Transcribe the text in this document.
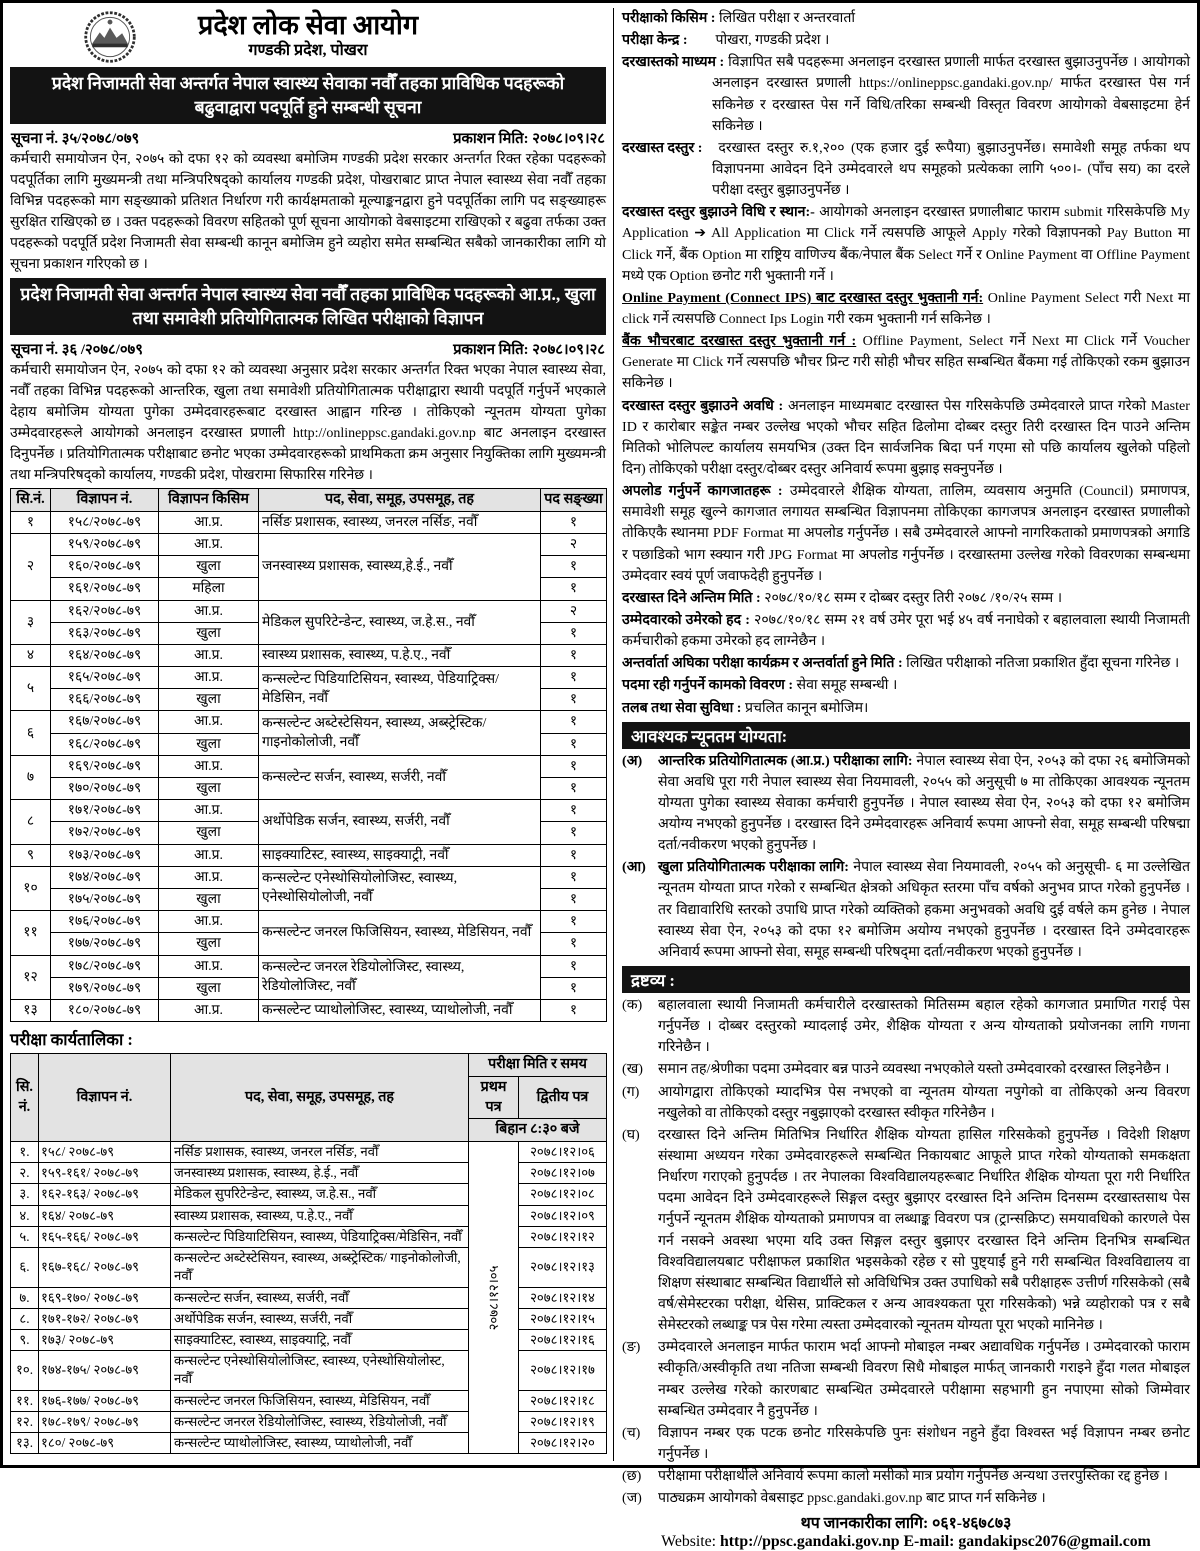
प्रदेश लोक सेवा आयोग
गण्डकी प्रदेश, पोखरा
प्रदेश निजामती सेवा अन्तर्गत नेपाल स्वास्थ्य सेवाका नवौँ तहका प्राविधिक पदहरूको बढुवाद्वारा पदपूर्ति हुने सम्बन्धी सूचना
सूचना नं. ३५/२०७८/०७९	प्रकाशन मिति: २०७८।०९।२८

कर्मचारी समायोजन ऐन, २०७५ को दफा १२ को व्यवस्था बमोजिम गण्डकी प्रदेश सरकार अन्तर्गत रिक्त रहेका पदहरूको पदपूर्तिका लागि मुख्यमन्त्री तथा मन्त्रिपरिषद्को कार्यालय गण्डकी प्रदेश, पोखराबाट प्राप्त नेपाल स्वास्थ्य सेवा नवौँ तहका विभिन्न पदहरूको माग सङ्ख्याको प्रतिशत निर्धारण गरी कार्यक्षमताको मूल्याङ्कनद्वारा हुने पदपूर्तिका लागि पद सङ्ख्याहरू सुरक्षित राखिएको छ । उक्त पदहरूको विवरण सहितको पूर्ण सूचना आयोगको वेबसाइटमा राखिएको र बढुवा तर्फका उक्त पदहरूको पदपूर्ति प्रदेश निजामती सेवा सम्बन्धी कानून बमोजिम हुने व्यहोरा समेत सम्बन्धित सबैको जानकारीका लागि यो सूचना प्रकाशन गरिएको छ ।

प्रदेश निजामती सेवा अन्तर्गत नेपाल स्वास्थ्य सेवा नवौँ तहका प्राविधिक पदहरूको आ.प्र., खुला तथा समावेशी प्रतियोगितात्मक लिखित परीक्षाको विज्ञापन
सूचना नं. ३६ /२०७८/०७९	प्रकाशन मिति: २०७८।०९।२८

कर्मचारी समायोजन ऐन, २०७५ को दफा १२ को व्यवस्था अनुसार प्रदेश सरकार अन्तर्गत रिक्त भएका नेपाल स्वास्थ्य सेवा, नवौँ तहका विभिन्न पदहरूको आन्तरिक, खुला तथा समावेशी प्रतियोगितात्मक परीक्षाद्वारा स्थायी पदपूर्ति गर्नुपर्ने भएकाले देहाय बमोजिम योग्यता पुगेका उम्मेदवारहरूबाट दरखास्त आह्वान गरिन्छ । तोकिएको न्यूनतम योग्यता पुगेका उम्मेदवारहरूले आयोगको अनलाइन दरखास्त प्रणाली http://onlineppsc.gandaki.gov.np बाट अनलाइन दरखास्त दिनुपर्नेछ । प्रतियोगितात्मक परीक्षाबाट छनोट भएका उम्मेदवारहरूको प्राथमिकता क्रम अनुसार नियुक्तिका लागि मुख्यमन्त्री तथा मन्त्रिपरिषद्को कार्यालय, गण्डकी प्रदेश, पोखरामा सिफारिस गरिनेछ ।

सि.नं.	विज्ञापन नं.	विज्ञापन किसिम	पद, सेवा, समूह, उपसमूह, तह	पद सङ्ख्या
१	१५८/२०७८-७९	आ.प्र.	नर्सिङ प्रशासक, स्वास्थ्य, जनरल नर्सिङ, नवौँ	१
२	१५९/२०७८-७९	आ.प्र.	जनस्वास्थ्य प्रशासक, स्वास्थ्य,हे.ई., नवौँ	२
	१६०/२०७८-७९	खुला		१
	१६१/२०७८-७९	महिला		१
३	१६२/२०७८-७९	आ.प्र.	मेडिकल सुपरिटेन्डेन्ट, स्वास्थ्य, ज.हे.स., नवौँ	२
	१६३/२०७८-७९	खुला		१
४	१६४/२०७८-७९	आ.प्र.	स्वास्थ्य प्रशासक, स्वास्थ्य, प.हे.ए., नवौँ	१
५	१६५/२०७८-७९	आ.प्र.	कन्सल्टेन्ट पिडियाटिसियन, स्वास्थ्य, पेडियाट्रिक्स/ मेडिसिन, नवौँ	१
	१६६/२०७८-७९	खुला		१
६	१६७/२०७८-७९	आ.प्र.	कन्सल्टेन्ट अब्टेस्टेसियन, स्वास्थ्य, अब्स्ट्रेस्टिक/ गाइनोकोलोजी, नवौँ	१
	१६८/२०७८-७९	खुला		१
७	१६९/२०७८-७९	आ.प्र.	कन्सल्टेन्ट सर्जन, स्वास्थ्य, सर्जरी, नवौँ	१
	१७०/२०७८-७९	खुला		१
८	१७१/२०७८-७९	आ.प्र.	अर्थोपेडिक सर्जन, स्वास्थ्य, सर्जरी, नवौँ	१
	१७२/२०७८-७९	खुला		१
९	१७३/२०७८-७९	आ.प्र.	साइक्याटिस्ट, स्वास्थ्य, साइक्याट्री, नवौँ	१
१०	१७४/२०७८-७९	आ.प्र.	कन्सल्टेन्ट एनेस्थोसियोलोजिस्ट, स्वास्थ्य, एनेस्थोसियोलोजी, नवौँ	१
	१७५/२०७८-७९	खुला		१
११	१७६/२०७८-७९	आ.प्र.	कन्सल्टेन्ट जनरल फिजिसियन, स्वास्थ्य, मेडिसियन, नवौँ	१
	१७७/२०७८-७९	खुला		१
१२	१७८/२०७८-७९	आ.प्र.	कन्सल्टेन्ट जनरल रेडियोलोजिस्ट, स्वास्थ्य, रेडियोलोजिस्ट, नवौँ	१
	१७९/२०७८-७९	खुला		१
१३	१८०/२०७८-७९	आ.प्र.	कन्सल्टेन्ट प्याथोलोजिस्ट, स्वास्थ्य, प्याथोलोजी, नवौँ	१
परीक्षा कार्यतालिका :
सि. नं.	विज्ञापन नं.	पद, सेवा, समूह, उपसमूह, तह	परीक्षा मिति र समय	
			प्रथम पत्र	द्वितीय पत्र
			बिहान ८:३० बजे	
१.	१५८/ २०७८-७९	नर्सिङ प्रशासक, स्वास्थ्य, जनरल नर्सिङ, नवौँ	२०७८।१२।०५	२०७८।१२।०६
२.	१५९-१६१/ २०७८-७९	जनस्वास्थ्य प्रशासक, स्वास्थ्य, हे.ई., नवौँ		२०७८।१२।०७
३.	१६२-१६३/ २०७८-७९	मेडिकल सुपरिटेन्डेन्ट, स्वास्थ्य, ज.हे.स., नवौँ		२०७८।१२।०८
४.	१६४/ २०७८-७९	स्वास्थ्य प्रशासक, स्वास्थ्य, प.हे.ए., नवौँ		२०७८।१२।०९
५.	१६५-१६६/ २०७८-७९	कन्सल्टेन्ट पिडियाटिसियन, स्वास्थ्य, पेडियाट्रिक्स/मेडिसिन, नवौँ		२०७८।१२।१२
६.	१६७-१६८/ २०७८-७९	कन्सल्टेन्ट अब्टेस्टेसियन, स्वास्थ्य, अब्स्ट्रेस्टिक/ गाइनोकोलोजी, नवौँ		२०७८।१२।१३
७.	१६९-१७०/ २०७८-७९	कन्सल्टेन्ट सर्जन, स्वास्थ्य, सर्जरी, नवौँ		२०७८।१२।१४
८.	१७१-१७२/ २०७८-७९	अर्थोपेडिक सर्जन, स्वास्थ्य, सर्जरी, नवौँ		२०७८।१२।१५
९.	१७३/ २०७८-७९	साइक्याटिस्ट, स्वास्थ्य, साइक्याट्रि, नवौँ		२०७८।१२।१६
१०.	१७४-१७५/ २०७८-७९	कन्सल्टेन्ट एनेस्थोसियोलोजिस्ट, स्वास्थ्य, एनेस्थोसियोलोस्ट, नवौँ		२०७८।१२।१७
११.	१७६-१७७/ २०७८-७९	कन्सल्टेन्ट जनरल फिजिसियन, स्वास्थ्य, मेडिसियन, नवौँ		२०७८।१२।१८
१२.	१७८-१७९/ २०७८-७९	कन्सल्टेन्ट जनरल रेडियोलोजिस्ट, स्वास्थ्य, रेडियोलोजी, नवौँ		२०७८।१२।१९
१३.	१८०/ २०७८-७९	कन्सल्टेन्ट प्याथोलोजिस्ट, स्वास्थ्य, प्याथोलोजी, नवौँ		२०७८।१२।२०

परीक्षाको किसिम : लिखित परीक्षा र अन्तरवार्ता

परीक्षा केन्द्र : पोखरा, गण्डकी प्रदेश ।

दरखास्तको माध्यम : विज्ञापित सबै पदहरूमा अनलाइन दरखास्त प्रणाली मार्फत दरखास्त बुझाउनुपर्नेछ । आयोगको अनलाइन दरखास्त प्रणाली https://onlineppsc.gandaki.gov.np/ मार्फत दरखास्त पेस गर्न सकिनेछ र दरखास्त पेस गर्ने विधि/तरिका सम्बन्धी विस्तृत विवरण आयोगको वेबसाइटमा हेर्न सकिनेछ ।

दरखास्त दस्तुर : दरखास्त दस्तुर रु.१,२०० (एक हजार दुई रूपैया) बुझाउनुपर्नेछ। समावेशी समूह तर्फका थप विज्ञापनमा आवेदन दिने उम्मेदवारले थप समूहको प्रत्येकका लागि ५००।- (पाँच सय) का दरले परीक्षा दस्तुर बुझाउनुपर्नेछ ।

दरखास्त दस्तुर बुझाउने विधि र स्थान:- आयोगको अनलाइन दरखास्त प्रणालीबाट फाराम submit गरिसकेपछि My Application ➔ All Application मा Click गर्ने त्यसपछि आफूले Apply गरेको विज्ञापनको Pay Button मा Click गर्ने, बैंक Option मा राष्ट्रिय वाणिज्य बैंक/नेपाल बैंक Select गर्ने र Online Payment वा Offline Payment मध्ये एक Option छनोट गरी भुक्तानी गर्ने ।

Online Payment (Connect IPS) बाट दरखास्त दस्तुर भुक्तानी गर्न: Online Payment Select गरी Next मा click गर्ने त्यसपछि Connect Ips Login गरी रकम भुक्तानी गर्न सकिनेछ ।

बैंक भौचरबाट दरखास्त दस्तुर भुक्तानी गर्न : Offline Payment, Select गर्ने Next मा Click गर्ने Voucher Generate मा Click गर्ने त्यसपछि भौचर प्रिन्ट गरी सोही भौचर सहित सम्बन्धित बैंकमा गई तोकिएको रकम बुझाउन सकिनेछ ।

दरखास्त दस्तुर बुझाउने अवधि : अनलाइन माध्यमबाट दरखास्त पेस गरिसकेपछि उम्मेदवारले प्राप्त गरेको Master ID र कारोबार सङ्केत नम्बर उल्लेख भएको भौचर सहित ढिलोमा दोब्बर दस्तुर तिरी दरखास्त दिन पाउने अन्तिम मितिको भोलिपल्ट कार्यालय समयभित्र (उक्त दिन सार्वजनिक बिदा पर्न गएमा सो पछि कार्यालय खुलेको पहिलो दिन) तोकिएको परीक्षा दस्तुर/दोब्बर दस्तुर अनिवार्य रूपमा बुझाइ सक्नुपर्नेछ ।

अपलोड गर्नुपर्ने कागजातहरू : उम्मेदवारले शैक्षिक योग्यता, तालिम, व्यवसाय अनुमति (Council) प्रमाणपत्र, समावेशी समूह खुल्ने कागजात लगायत सम्बन्धित विज्ञापनमा तोकिएका कागजपत्र अनलाइन दरखास्त प्रणालीको तोकिएकै स्थानमा PDF Format मा अपलोड गर्नुपर्नेछ । सबै उम्मेदवारले आफ्नो नागरिकताको प्रमाणपत्रको अगाडि र पछाडिको भाग स्क्यान गरी JPG Format मा अपलोड गर्नुपर्नेछ । दरखास्तमा उल्लेख गरेको विवरणका सम्बन्धमा उम्मेदवार स्वयं पूर्ण जवाफदेही हुनुपर्नेछ ।

दरखास्त दिने अन्तिम मिति : २०७८/१०/१८ सम्म र दोब्बर दस्तुर तिरी २०७८ /१०/२५ सम्म ।

उम्मेदवारको उमेरको हद : २०७८/१०/१८ सम्म २१ वर्ष उमेर पूरा भई ४५ वर्ष ननाघेको र बहालवाला स्थायी निजामती कर्मचारीको हकमा उमेरको हद लाग्नेछैन ।

अन्तर्वार्ता अघिका परीक्षा कार्यक्रम र अन्तर्वार्ता हुने मिति : लिखित परीक्षाको नतिजा प्रकाशित हुँदा सूचना गरिनेछ ।

पदमा रही गर्नुपर्ने कामको विवरण : सेवा समूह सम्बन्धी ।

तलब तथा सेवा सुविधा : प्रचलित कानून बमोजिम।

आवश्यक न्यूनतम योग्यता:

(अ) आन्तरिक प्रतियोगितात्मक (आ.प्र.) परीक्षाका लागि: नेपाल स्वास्थ्य सेवा ऐन, २०५३ को दफा २६ बमोजिमको सेवा अवधि पूरा गरी नेपाल स्वास्थ्य सेवा नियमावली, २०५५ को अनुसूची ७ मा तोकिएका आवश्यक न्यूनतम योग्यता पुगेका स्वास्थ्य सेवाका कर्मचारी हुनुपर्नेछ । नेपाल स्वास्थ्य सेवा ऐन, २०५३ को दफा १२ बमोजिम अयोग्य नभएको हुनुपर्नेछ । दरखास्त दिने उम्मेदवारहरू अनिवार्य रूपमा आफ्नो सेवा, समूह सम्बन्धी परिषद्मा दर्ता/नवीकरण भएको हुनुपर्नेछ ।

(आ) खुला प्रतियोगितात्मक परीक्षाका लागि: नेपाल स्वास्थ्य सेवा नियमावली, २०५५ को अनुसूची- ६ मा उल्लेखित न्यूनतम योग्यता प्राप्त गरेको र सम्बन्धित क्षेत्रको अधिकृत स्तरमा पाँच वर्षको अनुभव प्राप्त गरेको हुनुपर्नेछ । तर विद्यावारिधि स्तरको उपाधि प्राप्त गरेको व्यक्तिको हकमा अनुभवको अवधि दुई वर्षले कम हुनेछ । नेपाल स्वास्थ्य सेवा ऐन, २०५३ को दफा १२ बमोजिम अयोग्य नभएको हुनुपर्नेछ । दरखास्त दिने उम्मेदवारहरू अनिवार्य रूपमा आफ्नो सेवा, समूह सम्बन्धी परिषद्‌मा दर्ता/नवीकरण भएको हुनुपर्नेछ ।

द्रष्टव्य :

(क) बहालवाला स्थायी निजामती कर्मचारीले दरखास्तको मितिसम्म बहाल रहेको कागजात प्रमाणित गराई पेस गर्नुपर्नेछ । दोब्बर दस्तुरको म्यादलाई उमेर, शैक्षिक योग्यता र अन्य योग्यताको प्रयोजनका लागि गणना गरिनेछैन ।

(ख) समान तह/श्रेणीका पदमा उम्मेदवार बन्न पाउने व्यवस्था नभएकोले यस्तो उम्मेदवारको दरखास्त लिइनेछैन ।

(ग) आयोगद्वारा तोकिएको म्यादभित्र पेस नभएको वा न्यूनतम योग्यता नपुगेको वा तोकिएको अन्य विवरण नखुलेको वा तोकिएको दस्तुर नबुझाएको दरखास्त स्वीकृत गरिनेछैन ।

(घ) दरखास्त दिने अन्तिम मितिभित्र निर्धारित शैक्षिक योग्यता हासिल गरिसकेको हुनुपर्नेछ । विदेशी शिक्षण संस्थामा अध्ययन गरेका उम्मेदवारहरूले सम्बन्धित निकायबाट आफूले प्राप्त गरेको योग्यताको समकक्षता निर्धारण गराएको हुनुपर्दछ । तर नेपालका विश्वविद्यालयहरूबाट निर्धारित शैक्षिक योग्यता पूरा गरी निर्धारित पदमा आवेदन दिने उम्मेदवारहरूले सिङ्गल दस्तुर बुझाएर दरखास्त दिने अन्तिम दिनसम्म दरखास्तसाथ पेस गर्नुपर्ने न्यूनतम शैक्षिक योग्यताको प्रमाणपत्र वा लब्धाङ्क विवरण पत्र (ट्रान्सक्रिप्ट) समयावधिको कारणले पेस गर्न नसक्ने अवस्था भएमा यदि उक्त सिङ्गल दस्तुर बुझाएर दरखास्त दिने अन्तिम दिनभित्र सम्बन्धित विश्वविद्यालयबाट परीक्षाफल प्रकाशित भइसकेको रहेछ र सो पुष्ट्याईं हुने गरी सम्बन्धित विश्वविद्यालय वा शिक्षण संस्थाबाट सम्बन्धित विद्यार्थीले सो अविधिभित्र उक्त उपाधिको सबै परीक्षाहरू उत्तीर्ण गरिसकेको (सबै वर्ष/सेमेस्टरका परीक्षा, थेसिस, प्राक्टिकल र अन्य आवश्यकता पूरा गरिसकेको) भन्ने व्यहोराको पत्र र सबै सेमेस्टरको लब्धाङ्क पत्र पेस गरेमा त्यस्ता उम्मेदवारको न्यूनतम योग्यता पूरा भएको मानिनेछ ।

(ङ) उम्मेदवारले अनलाइन मार्फत फाराम भर्दा आफ्नो मोबाइल नम्बर अद्यावधिक गर्नुपर्नेछ । उम्मेदवारको फाराम स्वीकृति/अस्वीकृति तथा नतिजा सम्बन्धी विवरण सिधै मोबाइल मार्फत् जानकारी गराइने हुँदा गलत मोबाइल नम्बर उल्लेख गरेको कारणबाट सम्बन्धित उम्मेदवारले परीक्षामा सहभागी हुन नपाएमा सोको जिम्मेवार सम्बन्धित उम्मेदवार नै हुनुपर्नेछ ।

(च) विज्ञापन नम्बर एक पटक छनोट गरिसकेपछि पुनः संशोधन नहुने हुँदा विश्वस्त भई विज्ञापन नम्बर छनोट गर्नुपर्नेछ ।

(छ) परीक्षामा परीक्षार्थीले अनिवार्य रूपमा कालो मसीको मात्र प्रयोग गर्नुपर्नेछ अन्यथा उत्तरपुस्तिका रद्द हुनेछ ।

(ज) पाठ्यक्रम आयोगको वेबसाइट ppsc.gandaki.gov.np बाट प्राप्त गर्न सकिनेछ ।

थप जानकारीका लागि: ०६१-४६७८७३
Website: http://ppsc.gandaki.gov.np E-mail: gandakipsc2076@gmail.com
